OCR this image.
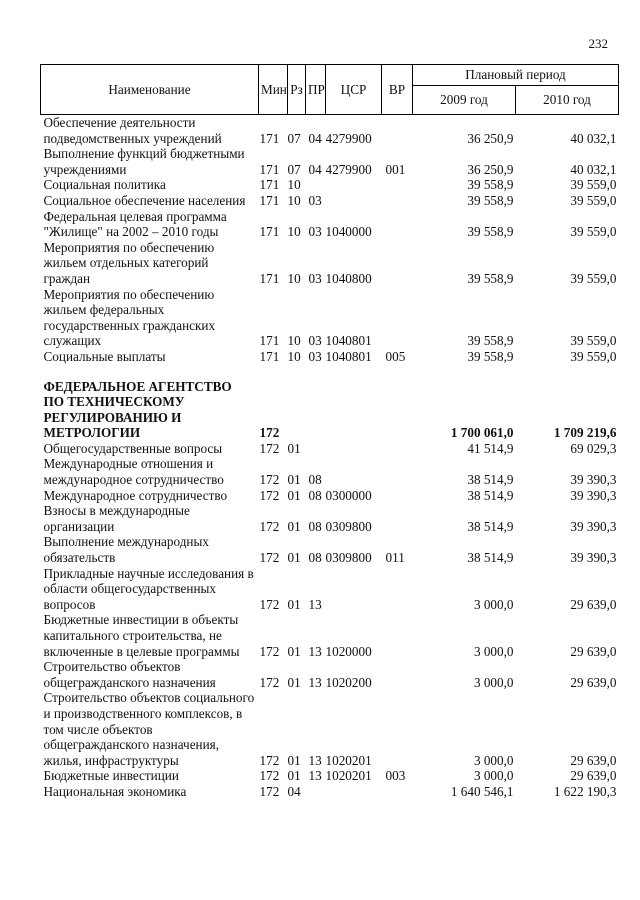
232
Наименование	Мин	Рз	ПР	ЦСР	ВР	Плановый период	
						2009 год	2010 год
Обеспечение деятельности подведомственных учреждений	171	07	04	4279900		36 250,9	40 032,1
Выполнение функций бюджетными учреждениями	171	07	04	4279900	001	36 250,9	40 032,1
Социальная политика	171	10				39 558,9	39 559,0
Социальное обеспечение населения	171	10	03			39 558,9	39 559,0
Федеральная целевая программа "Жилище" на 2002 – 2010 годы	171	10	03	1040000		39 558,9	39 559,0
Мероприятия по обеспечению жильем отдельных категорий граждан	171	10	03	1040800		39 558,9	39 559,0
Мероприятия по обеспечению жильем федеральных государственных гражданских служащих	171	10	03	1040801		39 558,9	39 559,0
Социальные выплаты	171	10	03	1040801	005	39 558,9	39 559,0
ФЕДЕРАЛЬНОЕ АГЕНТСТВО ПО ТЕХНИЧЕСКОМУ РЕГУЛИРОВАНИЮ И МЕТРОЛОГИИ	172					1 700 061,0	1 709 219,6
Общегосударственные вопросы	172	01				41 514,9	69 029,3
Международные отношения и международное сотрудничество	172	01	08			38 514,9	39 390,3
Международное сотрудничество	172	01	08	0300000		38 514,9	39 390,3
Взносы в международные организации	172	01	08	0309800		38 514,9	39 390,3
Выполнение международных обязательств	172	01	08	0309800	011	38 514,9	39 390,3
Прикладные научные исследования в области общегосударственных вопросов	172	01	13			3 000,0	29 639,0
Бюджетные инвестиции в объекты капитального строительства, не включенные в целевые программы	172	01	13	1020000		3 000,0	29 639,0
Строительство объектов общегражданского назначения	172	01	13	1020200		3 000,0	29 639,0
Строительство объектов социального и производственного комплексов, в том числе объектов общегражданского назначения, жилья, инфраструктуры	172	01	13	1020201		3 000,0	29 639,0
Бюджетные инвестиции	172	01	13	1020201	003	3 000,0	29 639,0
Национальная экономика	172	04				1 640 546,1	1 622 190,3
